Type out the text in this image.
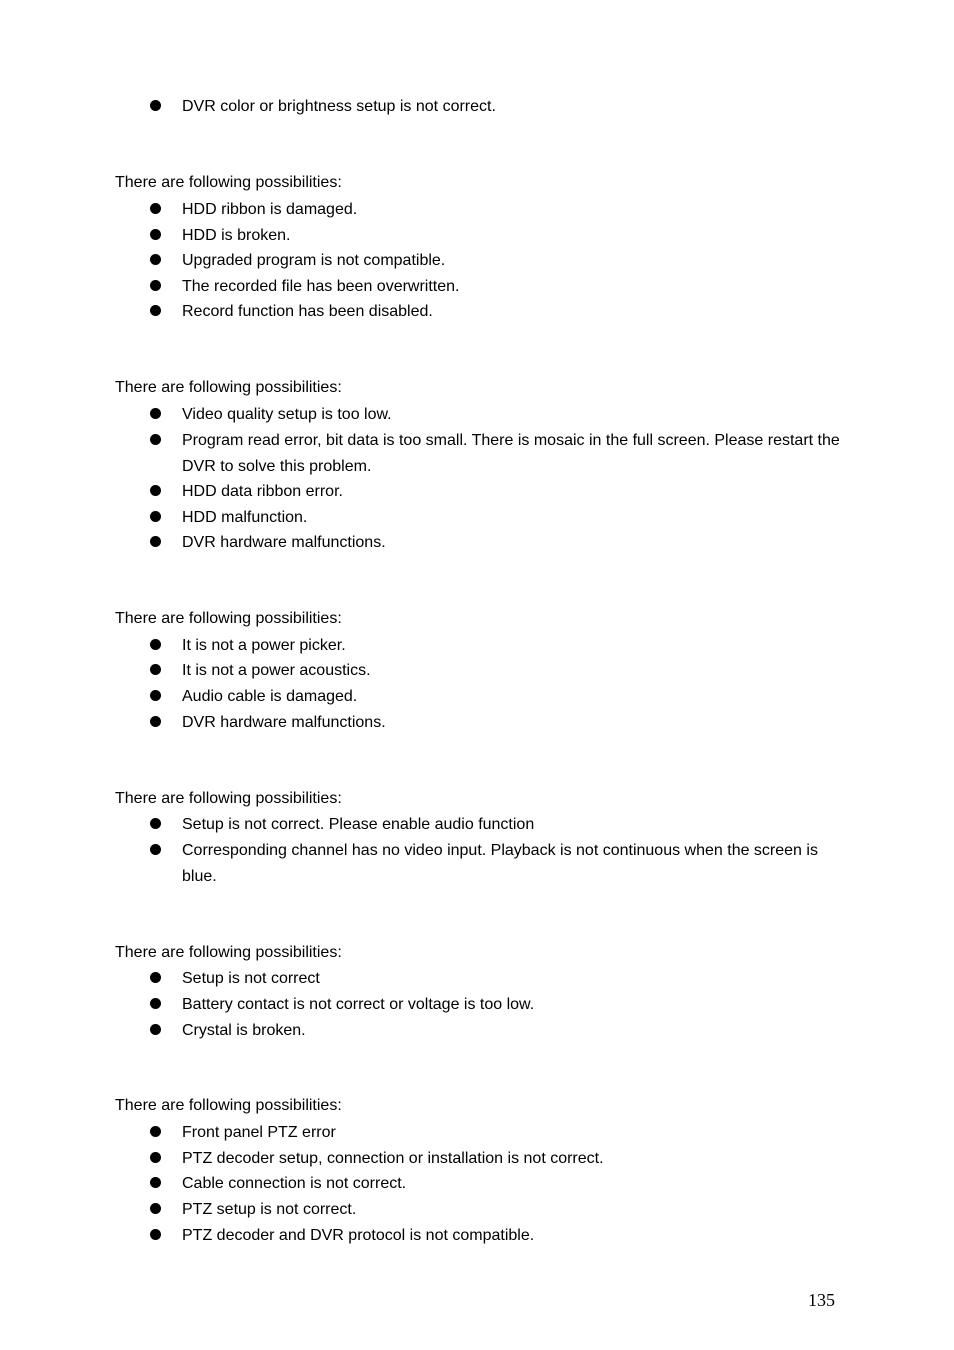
DVR color or brightness setup is not correct.
There are following possibilities:
HDD ribbon is damaged.
HDD is broken.
Upgraded program is not compatible.
The recorded file has been overwritten.
Record function has been disabled.
There are following possibilities:
Video quality setup is too low.
Program read error, bit data is too small. There is mosaic in the full screen. Please restart the DVR to solve this problem.
HDD data ribbon error.
HDD malfunction.
DVR hardware malfunctions.
There are following possibilities:
It is not a power picker.
It is not a power acoustics.
Audio cable is damaged.
DVR hardware malfunctions.
There are following possibilities:
Setup is not correct. Please enable audio function
Corresponding channel has no video input. Playback is not continuous when the screen is blue.
There are following possibilities:
Setup is not correct
Battery contact is not correct or voltage is too low.
Crystal is broken.
There are following possibilities:
Front panel PTZ error
PTZ decoder setup, connection or installation is not correct.
Cable connection is not correct.
PTZ setup is not correct.
PTZ decoder and DVR protocol is not compatible.
135
